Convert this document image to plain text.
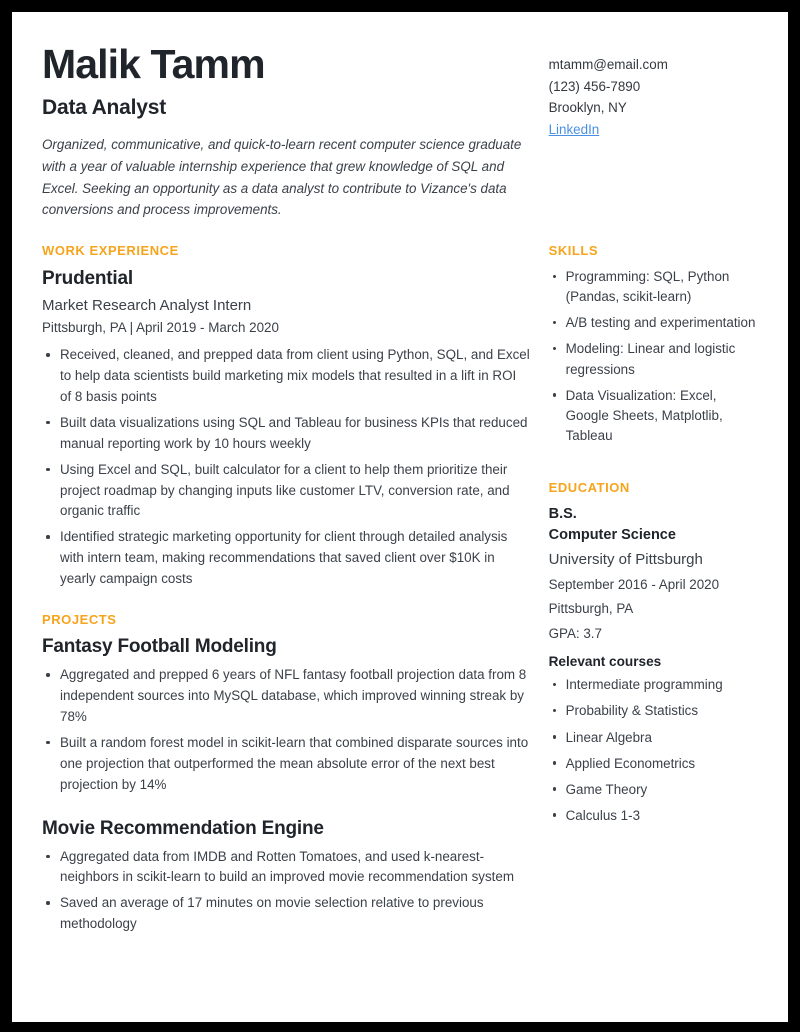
Malik Tamm
Data Analyst
Organized, communicative, and quick-to-learn recent computer science graduate with a year of valuable internship experience that grew knowledge of SQL and Excel. Seeking an opportunity as a data analyst to contribute to Vizance's data conversions and process improvements.
mtamm@email.com
(123) 456-7890
Brooklyn, NY
LinkedIn
WORK EXPERIENCE
Prudential
Market Research Analyst Intern
Pittsburgh, PA | April 2019 - March 2020
Received, cleaned, and prepped data from client using Python, SQL, and Excel to help data scientists build marketing mix models that resulted in a lift in ROI of 8 basis points
Built data visualizations using SQL and Tableau for business KPIs that reduced manual reporting work by 10 hours weekly
Using Excel and SQL, built calculator for a client to help them prioritize their project roadmap by changing inputs like customer LTV, conversion rate, and organic traffic
Identified strategic marketing opportunity for client through detailed analysis with intern team, making recommendations that saved client over $10K in yearly campaign costs
PROJECTS
Fantasy Football Modeling
Aggregated and prepped 6 years of NFL fantasy football projection data from 8 independent sources into MySQL database, which improved winning streak by 78%
Built a random forest model in scikit-learn that combined disparate sources into one projection that outperformed the mean absolute error of the next best projection by 14%
Movie Recommendation Engine
Aggregated data from IMDB and Rotten Tomatoes, and used k-nearest-neighbors in scikit-learn to build an improved movie recommendation system
Saved an average of 17 minutes on movie selection relative to previous methodology
SKILLS
Programming: SQL, Python (Pandas, scikit-learn)
A/B testing and experimentation
Modeling: Linear and logistic regressions
Data Visualization: Excel, Google Sheets, Matplotlib, Tableau
EDUCATION
B.S.
Computer Science
University of Pittsburgh
September 2016 - April 2020
Pittsburgh, PA
GPA: 3.7
Relevant courses
Intermediate programming
Probability & Statistics
Linear Algebra
Applied Econometrics
Game Theory
Calculus 1-3
